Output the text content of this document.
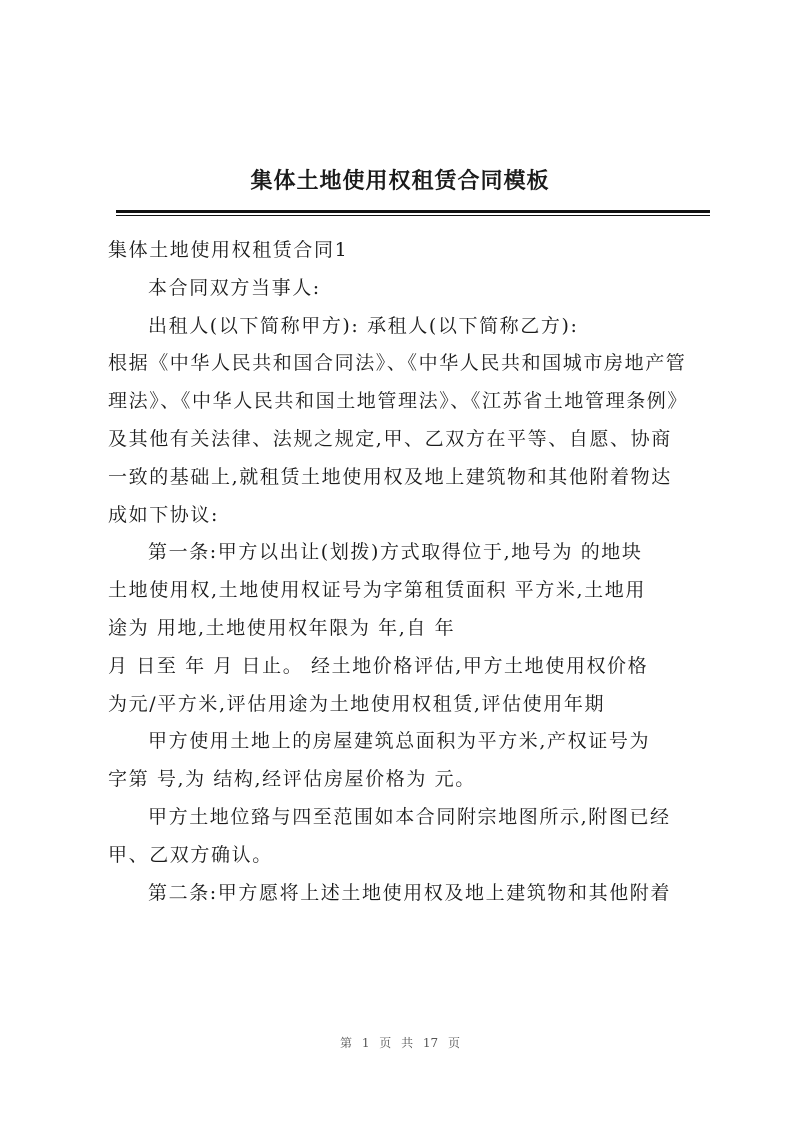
集体土地使用权租赁合同模板
集体土地使用权租赁合同1
本合同双方当事人:
出租人(以下简称甲方): 承租人(以下简称乙方):
根据《中华人民共和国合同法》、《中华人民共和国城市房地产管
理法》、《中华人民共和国土地管理法》、《江苏省土地管理条例》
及其他有关法律、法规之规定,甲、乙双方在平等、自愿、协商
一致的基础上,就租赁土地使用权及地上建筑物和其他附着物达
成如下协议:
第一条:甲方以出让(划拨)方式取得位于,地号为 的地块
土地使用权,土地使用权证号为字第租赁面积 平方米,土地用
途为 用地,土地使用权年限为 年,自 年
月 日至 年 月 日止。 经土地价格评估,甲方土地使用权价格
为元/平方米,评估用途为土地使用权租赁,评估使用年期
甲方使用土地上的房屋建筑总面积为平方米,产权证号为
字第 号,为 结构,经评估房屋价格为 元。
甲方土地位臵与四至范围如本合同附宗地图所示,附图已经
甲、乙双方确认。
第二条:甲方愿将上述土地使用权及地上建筑物和其他附着
第 1 页 共 17 页
